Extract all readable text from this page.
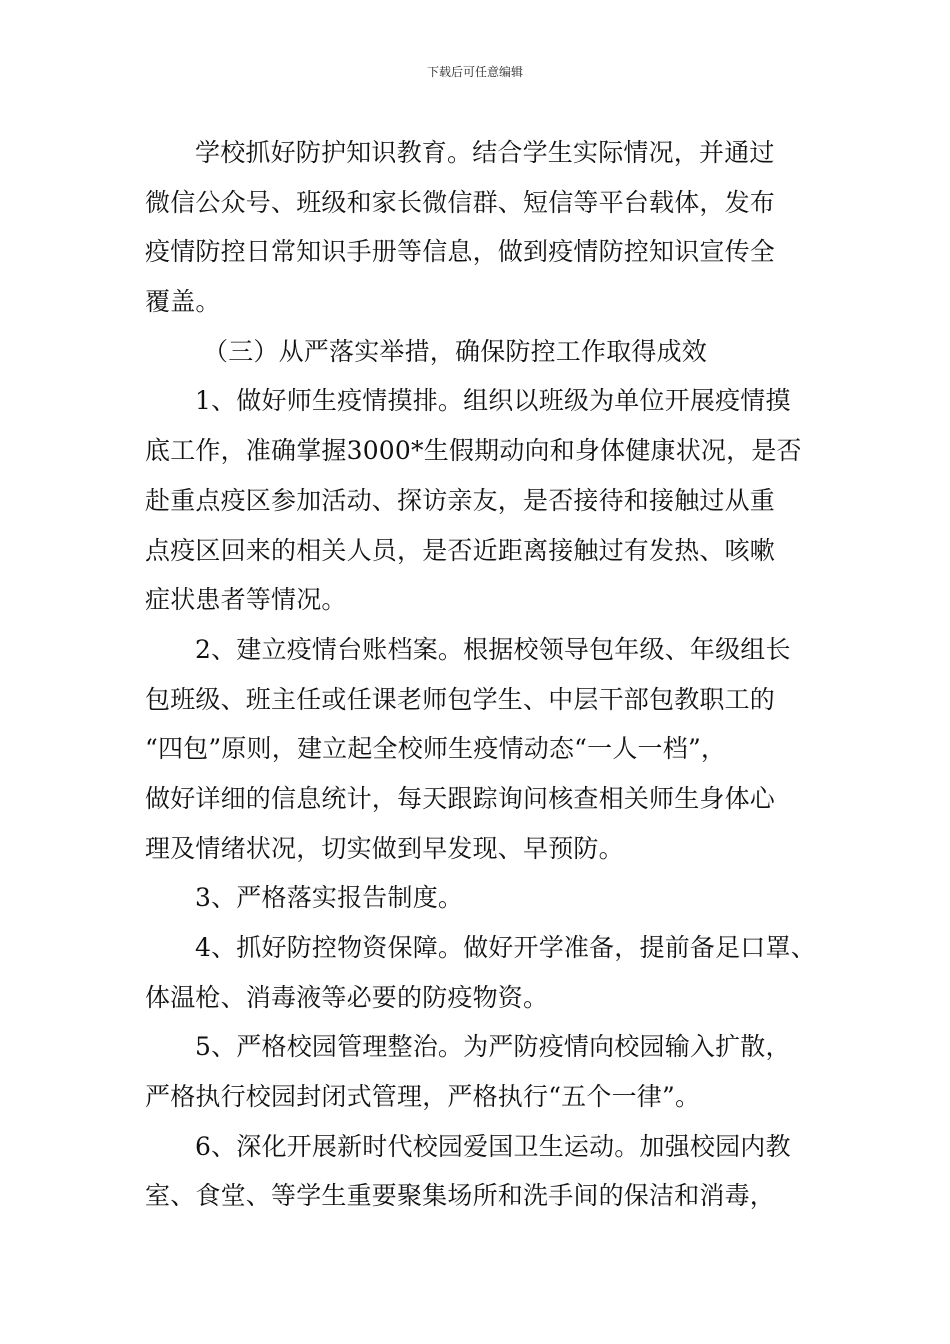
下载后可任意编辑
学校抓好防护知识教育。结合学生实际情况，并通过
微信公众号、班级和家长微信群、短信等平台载体，发布
疫情防控日常知识手册等信息，做到疫情防控知识宣传全
覆盖。
（三）从严落实举措，确保防控工作取得成效
1、做好师生疫情摸排。组织以班级为单位开展疫情摸
底工作，准确掌握3000*生假期动向和身体健康状况，是否
赴重点疫区参加活动、探访亲友，是否接待和接触过从重
点疫区回来的相关人员，是否近距离接触过有发热、咳嗽
症状患者等情况。
2、建立疫情台账档案。根据校领导包年级、年级组长
包班级、班主任或任课老师包学生、中层干部包教职工的
“四包”原则，建立起全校师生疫情动态“一人一档”，
做好详细的信息统计，每天跟踪询问核查相关师生身体心
理及情绪状况，切实做到早发现、早预防。
3、严格落实报告制度。
4、抓好防控物资保障。做好开学准备，提前备足口罩、
体温枪、消毒液等必要的防疫物资。
5、严格校园管理整治。为严防疫情向校园输入扩散，
严格执行校园封闭式管理，严格执行“五个一律”。
6、深化开展新时代校园爱国卫生运动。加强校园内教
室、食堂、等学生重要聚集场所和洗手间的保洁和消毒，
